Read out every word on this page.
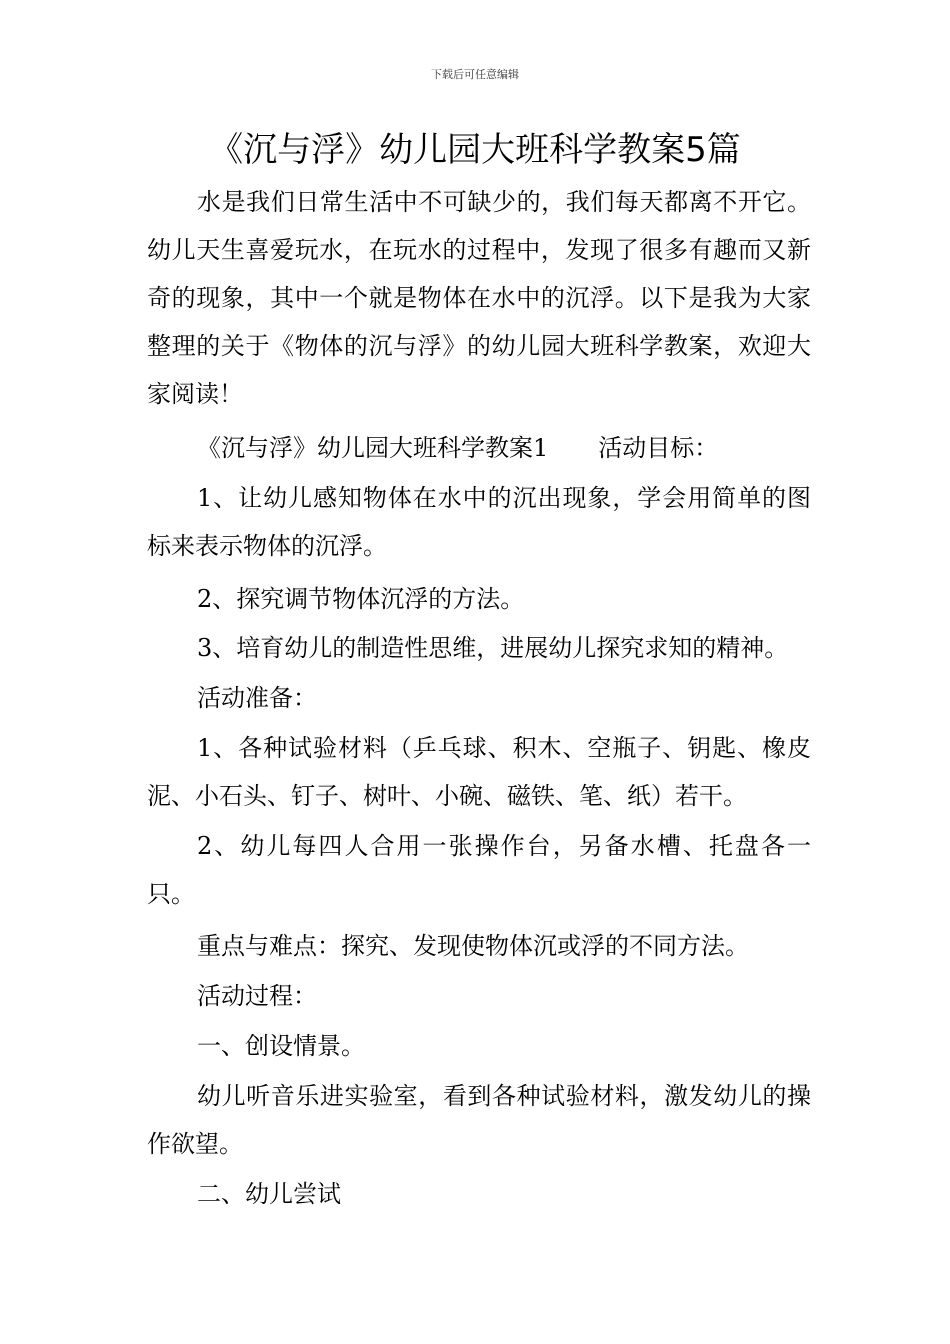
下载后可任意编辑
《沉与浮》幼儿园大班科学教案5篇

水是我们日常生活中不可缺少的，我们每天都离不开它。幼儿天生喜爱玩水，在玩水的过程中，发现了很多有趣而又新奇的现象，其中一个就是物体在水中的沉浮。以下是我为大家整理的关于《物体的沉与浮》的幼儿园大班科学教案，欢迎大家阅读！

《沉与浮》幼儿园大班科学教案1 活动目标：

1、让幼儿感知物体在水中的沉出现象，学会用简单的图标来表示物体的沉浮。

2、探究调节物体沉浮的方法。

3、培育幼儿的制造性思维，进展幼儿探究求知的精神。

活动准备：

1、各种试验材料（乒乓球、积木、空瓶子、钥匙、橡皮泥、小石头、钉子、树叶、小碗、磁铁、笔、纸）若干。

2、幼儿每四人合用一张操作台，另备水槽、托盘各一只。

重点与难点：探究、发现使物体沉或浮的不同方法。

活动过程：

一、创设情景。

幼儿听音乐进实验室，看到各种试验材料，激发幼儿的操作欲望。

二、幼儿尝试
